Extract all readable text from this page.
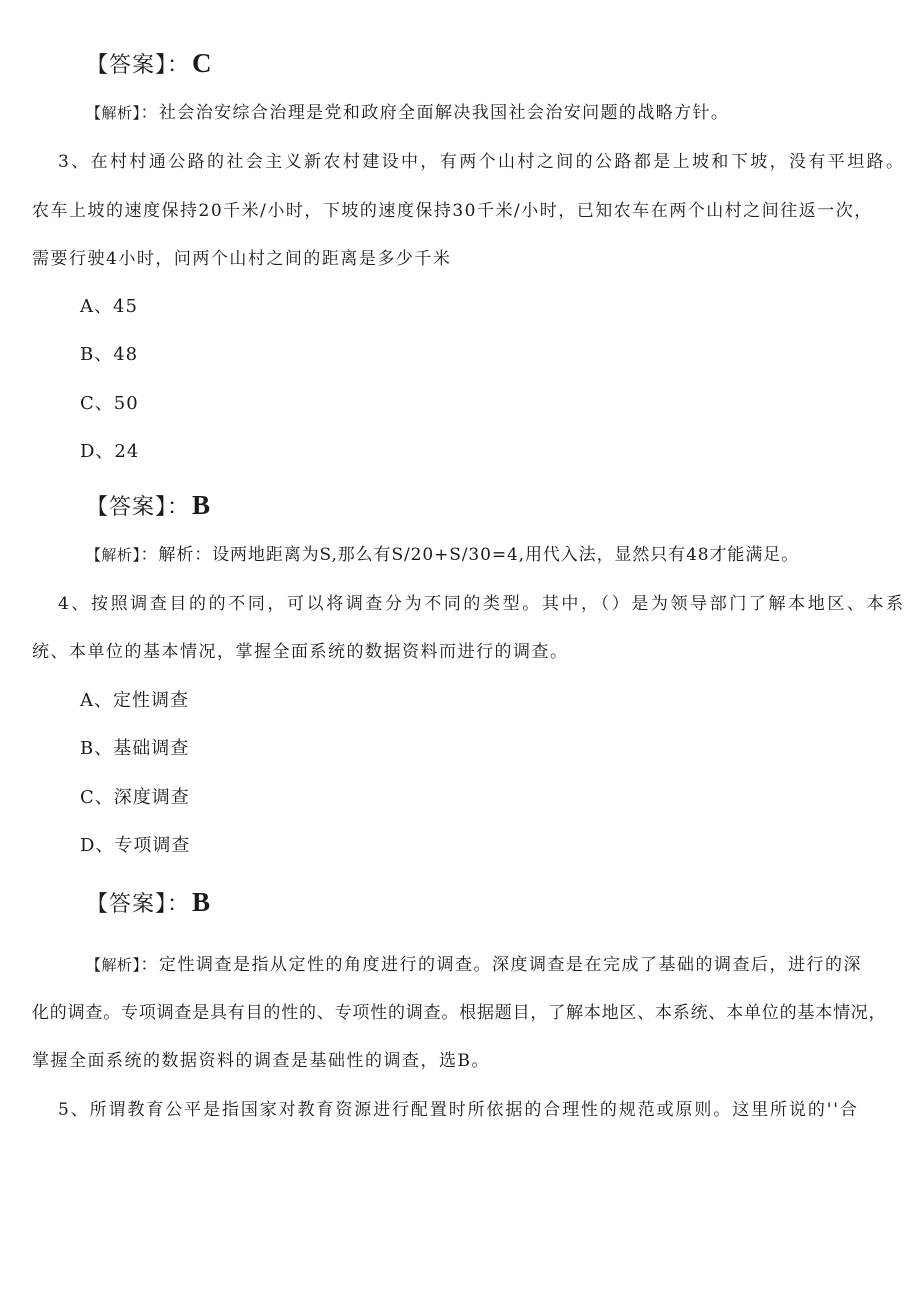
【答案】：C
【解析】：社会治安综合治理是党和政府全面解决我国社会治安问题的战略方针。
3、在村村通公路的社会主义新农村建设中，有两个山村之间的公路都是上坡和下坡，没有平坦路。
农车上坡的速度保持20千米/小时，下坡的速度保持30千米/小时，已知农车在两个山村之间往返一次，
需要行驶4小时，问两个山村之间的距离是多少千米
A、45
B、48
C、50
D、24
【答案】：B
【解析】：解析：设两地距离为S,那么有S/20+S/30=4,用代入法，显然只有48才能满足。
4、按照调查目的的不同，可以将调查分为不同的类型。其中，（）是为领导部门了解本地区、本系
统、本单位的基本情况，掌握全面系统的数据资料而进行的调查。
A、定性调查
B、基础调查
C、深度调查
D、专项调查
【答案】：B
【解析】：定性调查是指从定性的角度进行的调查。深度调查是在完成了基础的调查后，进行的深
化的调查。专项调查是具有目的性的、专项性的调查。根据题目，了解本地区、本系统、本单位的基本情况，
掌握全面系统的数据资料的调查是基础性的调查，选B。
5、所谓教育公平是指国家对教育资源进行配置时所依据的合理性的规范或原则。这里所说的''合
